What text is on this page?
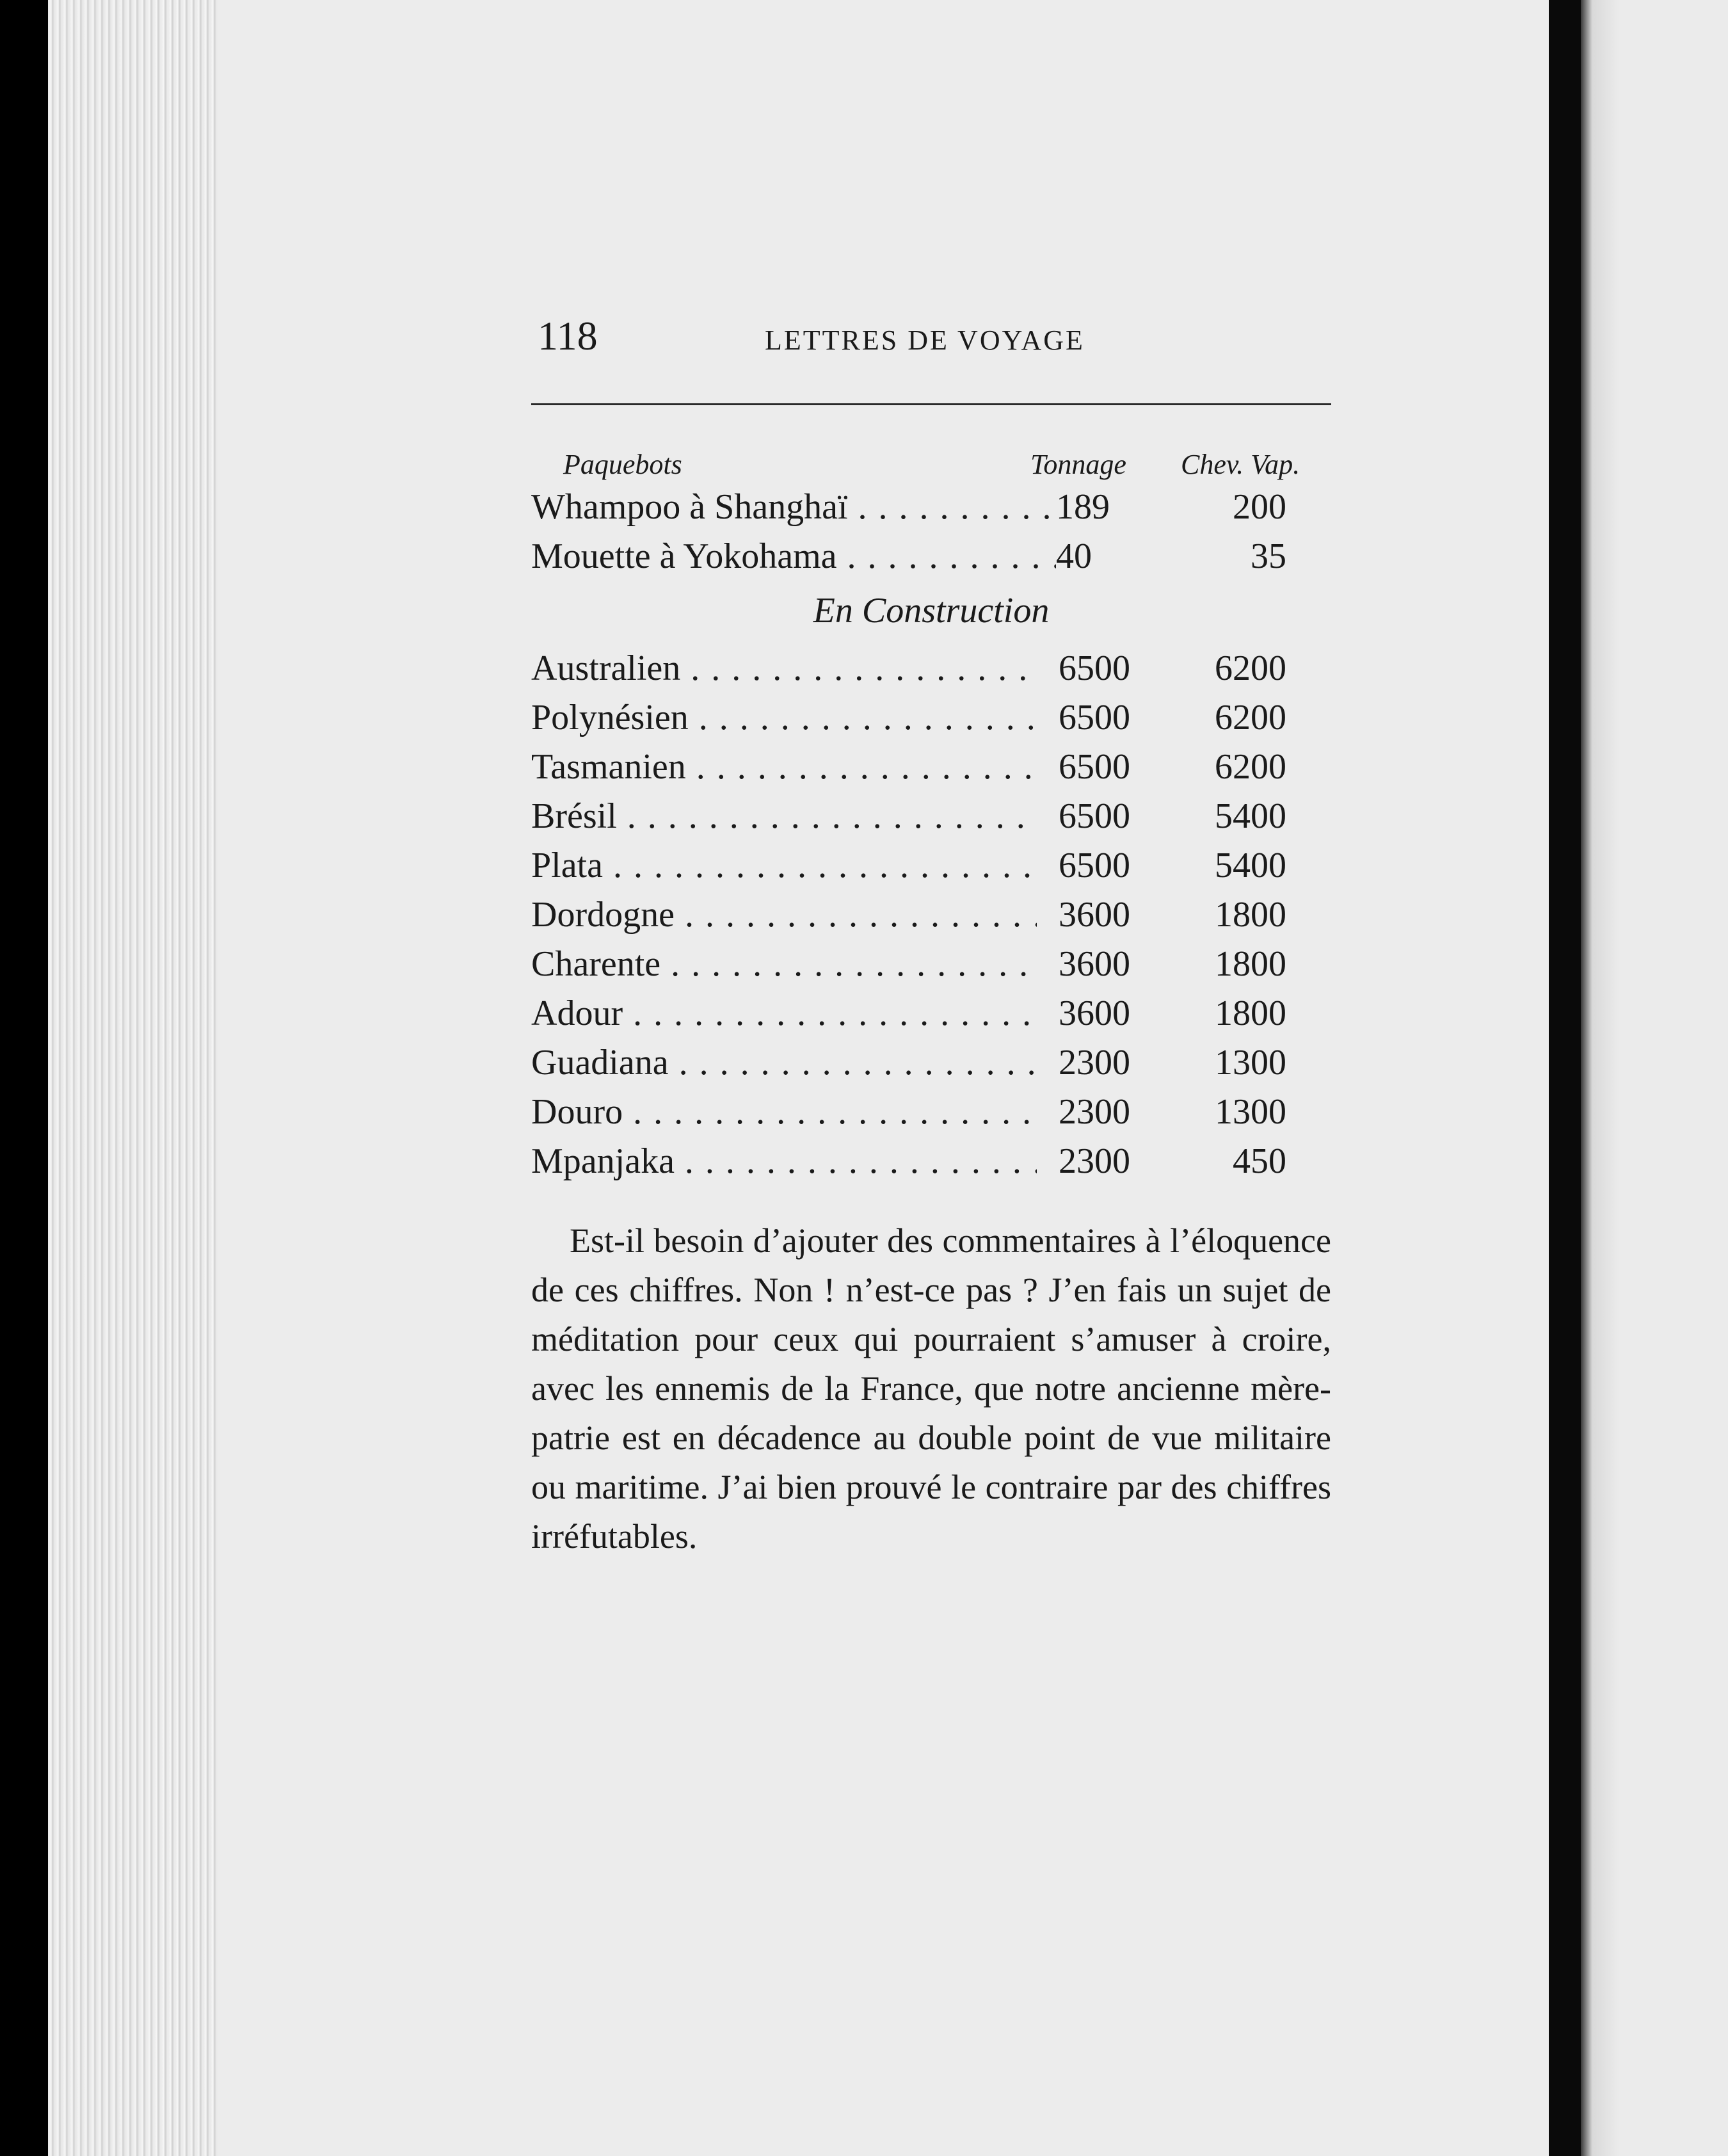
118	LETTRES DE VOYAGE
Paquebots	Tonnage Chev. Vap.
Whampoo à Shanghaï . . .	189	200
Mouette à Yokohama . . .	40	35
En Construction
Australien . . .	6500	6200
Polynésien . . .	6500	6200
Tasmanien . . .	6500	6200
Brésil . . .	6500	5400
Plata . . .	6500	5400
Dordogne . . .	3600	1800
Charente . . .	3600	1800
Adour . . .	3600	1800
Guadiana . . .	2300	1300
Douro . . .	2300	1300
Mpanjaka . . .	2300	450
Est-il besoin d’ajouter des commentaires à l’éloquence de ces chiffres. Non ! n’est-ce pas ? J’en fais un sujet de méditation pour ceux qui pourraient s’amuser à croire, avec les ennemis de la France, que notre ancienne mère-patrie est en décadence au double point de vue militaire ou maritime. J’ai bien prouvé le contraire par des chiffres irréfutables.
